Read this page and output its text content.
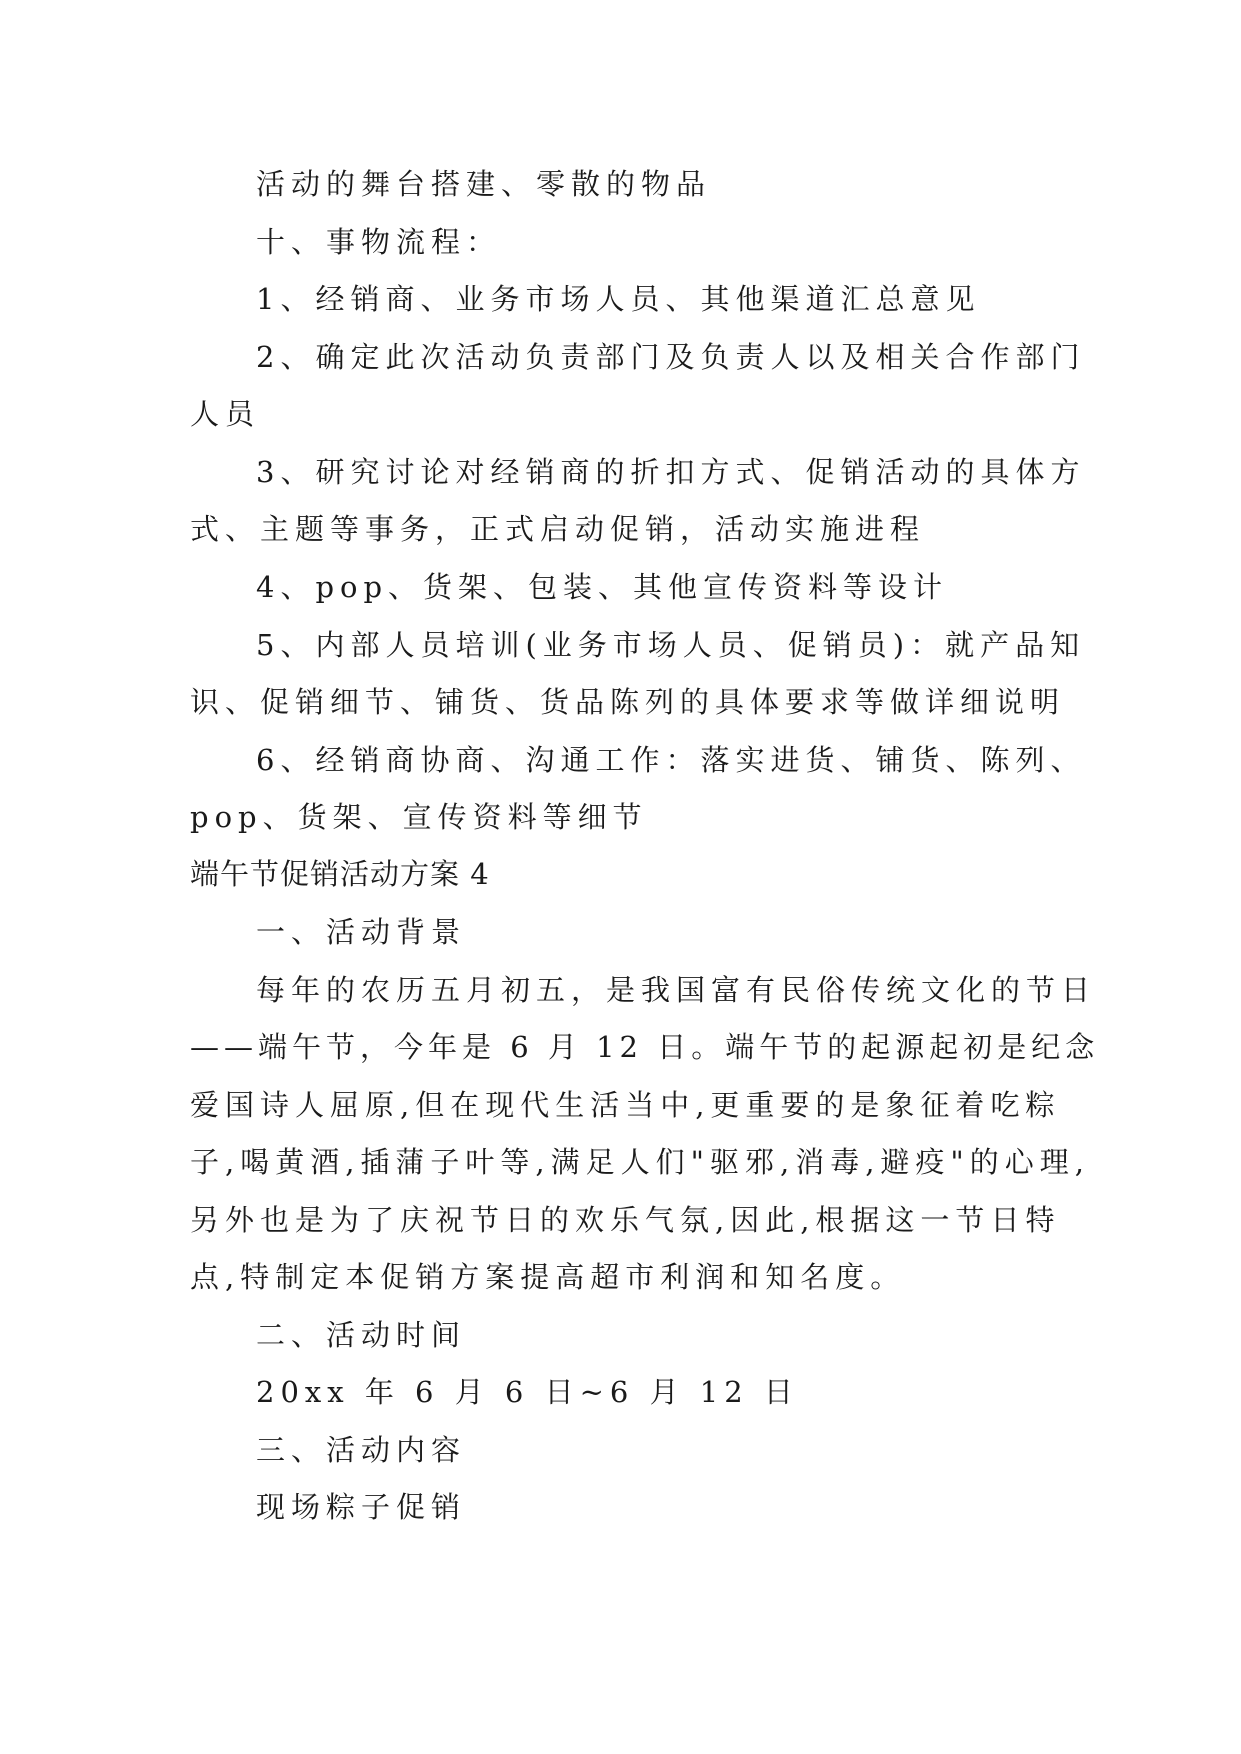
活动的舞台搭建、零散的物品

十、事物流程：

1、经销商、业务市场人员、其他渠道汇总意见

2、确定此次活动负责部门及负责人以及相关合作部门

人员

3、研究讨论对经销商的折扣方式、促销活动的具体方

式、主题等事务，正式启动促销，活动实施进程

4、pop、货架、包装、其他宣传资料等设计

5、内部人员培训(业务市场人员、促销员)：就产品知

识、促销细节、铺货、货品陈列的具体要求等做详细说明

6、经销商协商、沟通工作：落实进货、铺货、陈列、

pop、货架、宣传资料等细节

端午节促销活动方案 4

一、活动背景

每年的农历五月初五，是我国富有民俗传统文化的节日

——端午节，今年是 6 月 12 日。端午节的起源起初是纪念

爱国诗人屈原,但在现代生活当中,更重要的是象征着吃粽

子,喝黄酒,插蒲子叶等,满足人们"驱邪,消毒,避疫"的心理,

另外也是为了庆祝节日的欢乐气氛,因此,根据这一节日特

点,特制定本促销方案提高超市利润和知名度。

二、活动时间

20xx 年 6 月 6 日~6 月 12 日

三、活动内容

现场粽子促销
